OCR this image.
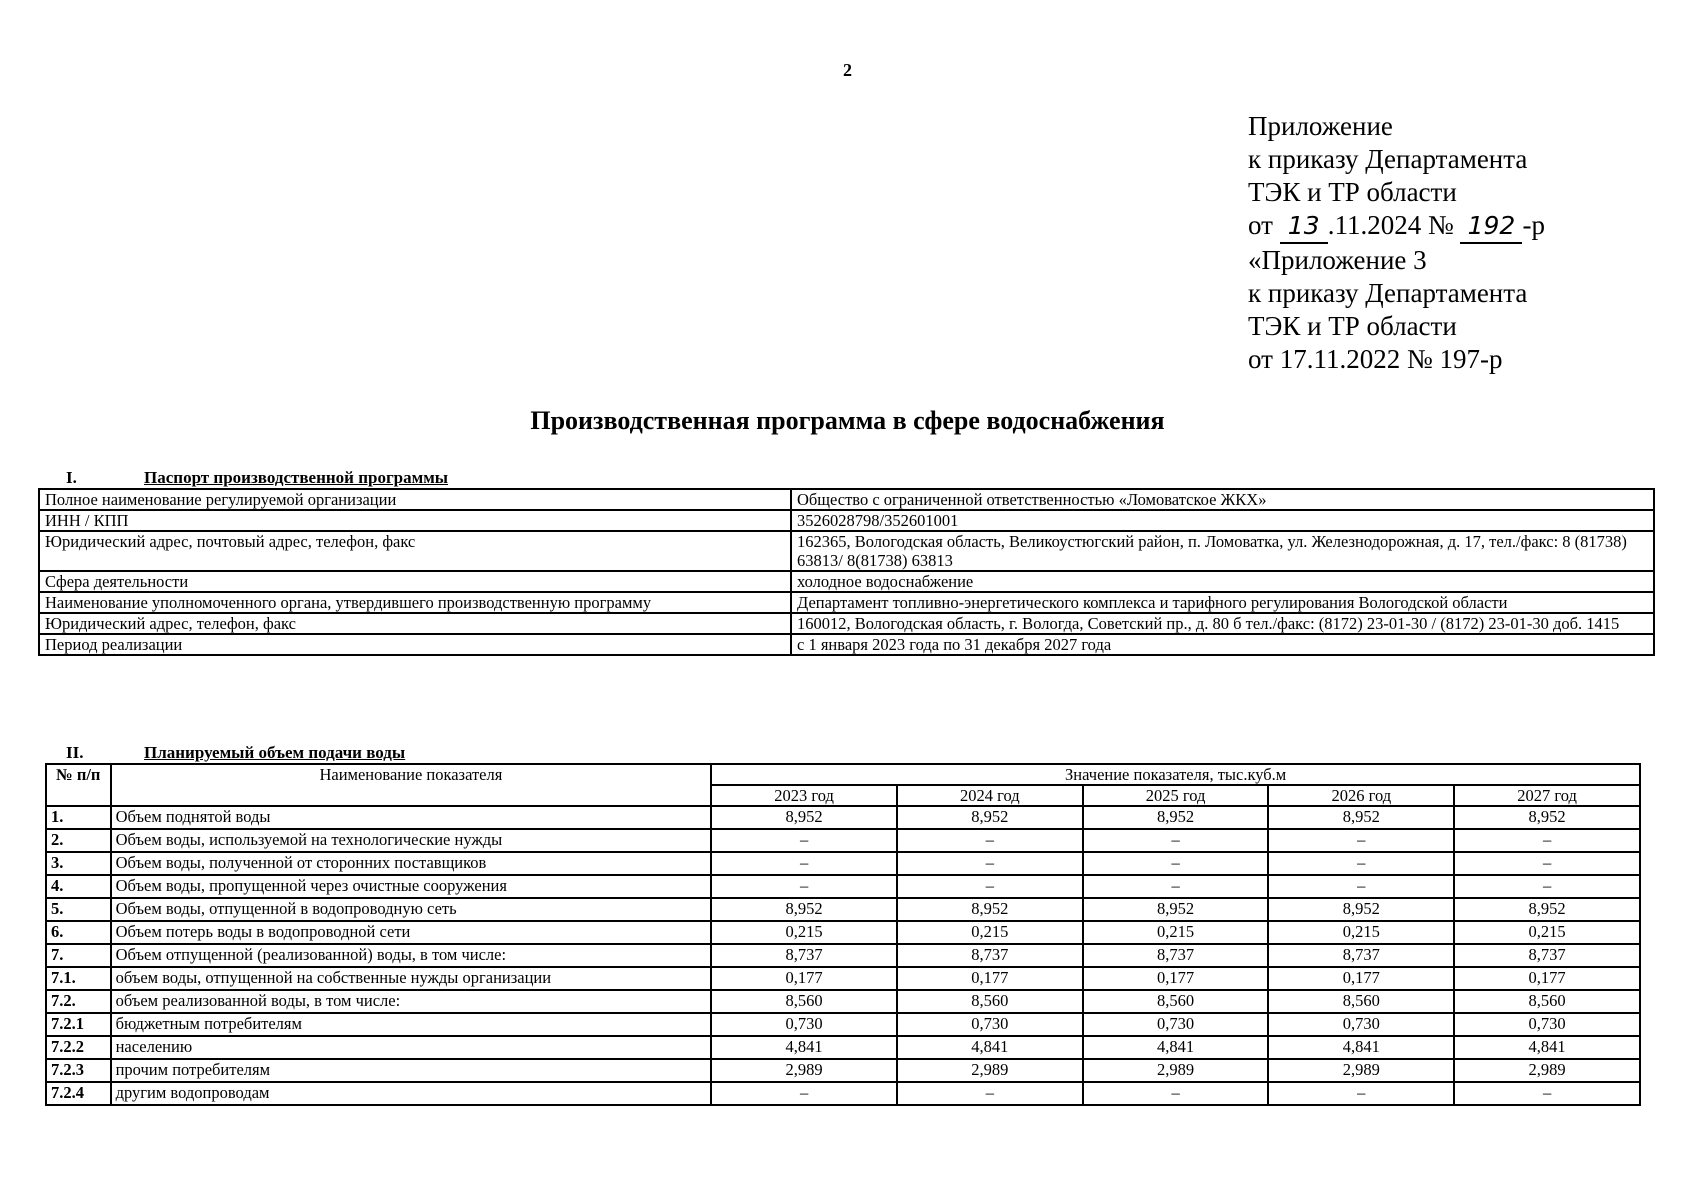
2
Приложение
к приказу Департамента
ТЭК и ТР области
от 13 .11.2024 № 192 -р
«Приложение 3
к приказу Департамента
ТЭК и ТР области
от 17.11.2022 № 197-р
Производственная программа в сфере водоснабжения
I.	Паспорт производственной программы
Полное наименование регулируемой организации	Общество с ограниченной ответственностью «Ломоватское ЖКХ»
ИНН / КПП	3526028798/352601001
Юридический адрес, почтовый адрес, телефон, факс	162365, Вологодская область, Великоустюгский район, п. Ломоватка, ул. Железнодорожная, д. 17, тел./факс: 8 (81738) 63813/ 8(81738) 63813
Сфера деятельности	холодное водоснабжение
Наименование уполномоченного органа, утвердившего производственную программу	Департамент топливно-энергетического комплекса и тарифного регулирования Вологодской области
Юридический адрес, телефон, факс	160012, Вологодская область, г. Вологда, Советский пр., д. 80 б тел./факс: (8172) 23-01-30 / (8172) 23-01-30 доб. 1415
Период реализации	с 1 января 2023 года по 31 декабря 2027 года
II.	Планируемый объем подачи воды
№ п/п	Наименование показателя	Значение показателя, тыс.куб.м				
		2023 год	2024 год	2025 год	2026 год	2027 год
1.	Объем поднятой воды	8,952	8,952	8,952	8,952	8,952
2.	Объем воды, используемой на технологические нужды	–	–	–	–	–
3.	Объем воды, полученной от сторонних поставщиков	–	–	–	–	–
4.	Объем воды, пропущенной через очистные сооружения	–	–	–	–	–
5.	Объем воды, отпущенной в водопроводную сеть	8,952	8,952	8,952	8,952	8,952
6.	Объем потерь воды в водопроводной сети	0,215	0,215	0,215	0,215	0,215
7.	Объем отпущенной (реализованной) воды, в том числе:	8,737	8,737	8,737	8,737	8,737
7.1.	объем воды, отпущенной на собственные нужды организации	0,177	0,177	0,177	0,177	0,177
7.2.	объем реализованной воды, в том числе:	8,560	8,560	8,560	8,560	8,560
7.2.1	бюджетным потребителям	0,730	0,730	0,730	0,730	0,730
7.2.2	населению	4,841	4,841	4,841	4,841	4,841
7.2.3	прочим потребителям	2,989	2,989	2,989	2,989	2,989
7.2.4	другим водопроводам	–	–	–	–	–
